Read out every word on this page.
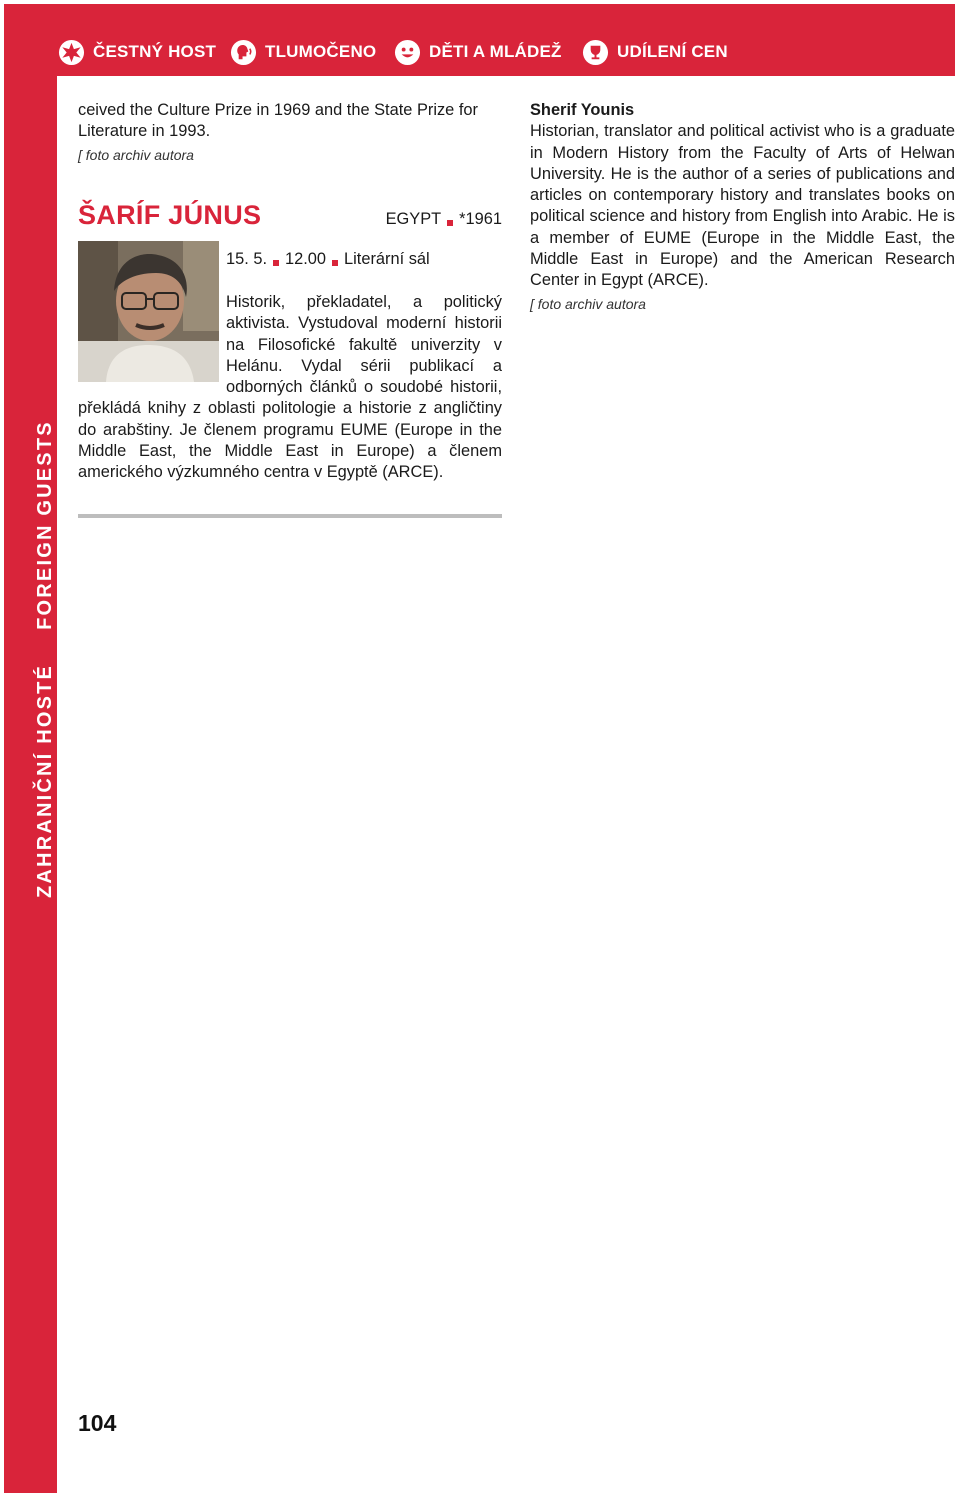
ČESTNÝ HOST	TLUMOČENO	DĚTI A MLÁDEŽ	UDÍLENÍ CEN
ZAHRANIČNÍ HOSTÉFOREIGN GUESTS

ceived the Culture Prize in 1969 and the State Prize for Literature in 1993.

[ foto archiv autora
ŠARÍF JÚNUS	EGYPT *1961
15. 5. 12.00 Literární sál

Historik, překladatel, a politický aktivista. Vystudoval moderní historii na Filosofické fakultě univerzity v Helánu. Vydal sérii publikací a odborných článků o soudobé historii, překládá knihy z oblasti politologie a historie z angličtiny do arabštiny. Je členem programu EUME (Europe in the Middle East, the Middle East in Europe) a členem amerického výzkumného centra v Egyptě (ARCE).

Sherif Younis

Historian, translator and political activist who is a graduate in Modern History from the Faculty of Arts of Helwan University. He is the author of a series of publications and articles on contemporary history and translates books on political science and history from English into Arabic. He is a member of EUME (Europe in the Middle East, the Middle East in Europe) and the American Research Center in Egypt (ARCE).

[ foto archiv autora
104
